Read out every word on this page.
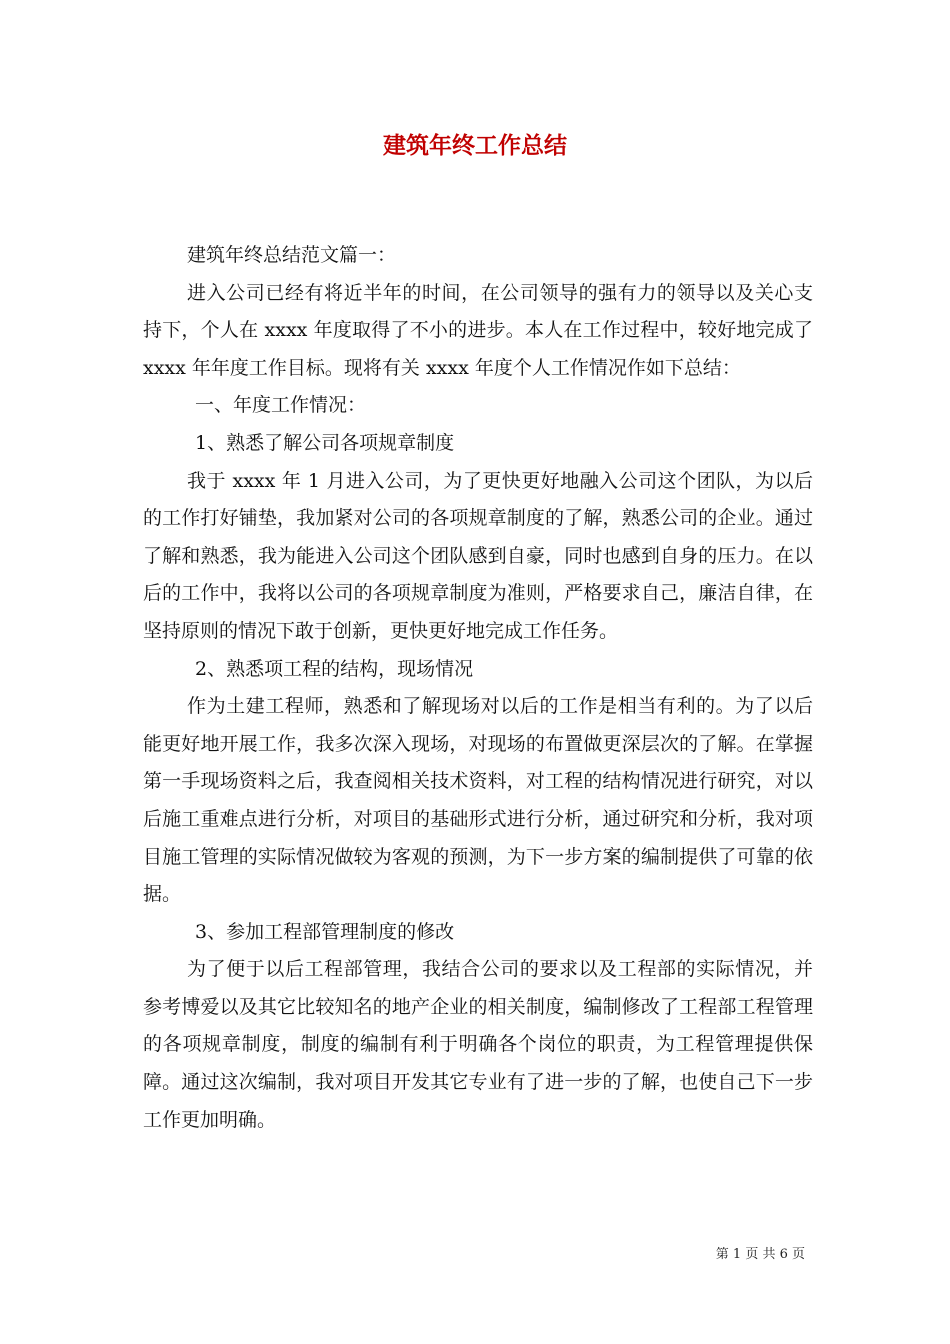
建筑年终工作总结

建筑年终总结范文篇一：

进入公司已经有将近半年的时间，在公司领导的强有力的领导以及关心支持下，个人在 xxxx 年度取得了不小的进步。本人在工作过程中，较好地完成了 xxxx 年年度工作目标。现将有关 xxxx 年度个人工作情况作如下总结：

一、年度工作情况：

1、熟悉了解公司各项规章制度

我于 xxxx 年 1 月进入公司，为了更快更好地融入公司这个团队，为以后的工作打好铺垫，我加紧对公司的各项规章制度的了解，熟悉公司的企业。通过了解和熟悉，我为能进入公司这个团队感到自豪，同时也感到自身的压力。在以后的工作中，我将以公司的各项规章制度为准则，严格要求自己，廉洁自律，在坚持原则的情况下敢于创新，更快更好地完成工作任务。

2、熟悉项工程的结构，现场情况

作为土建工程师，熟悉和了解现场对以后的工作是相当有利的。为了以后能更好地开展工作，我多次深入现场，对现场的布置做更深层次的了解。在掌握第一手现场资料之后，我查阅相关技术资料，对工程的结构情况进行研究，对以后施工重难点进行分析，对项目的基础形式进行分析，通过研究和分析，我对项目施工管理的实际情况做较为客观的预测，为下一步方案的编制提供了可靠的依据。

3、参加工程部管理制度的修改

为了便于以后工程部管理，我结合公司的要求以及工程部的实际情况，并参考博爱以及其它比较知名的地产企业的相关制度，编制修改了工程部工程管理的各项规章制度，制度的编制有利于明确各个岗位的职责，为工程管理提供保障。通过这次编制，我对项目开发其它专业有了进一步的了解，也使自己下一步工作更加明确。

第 1 页 共 6 页
